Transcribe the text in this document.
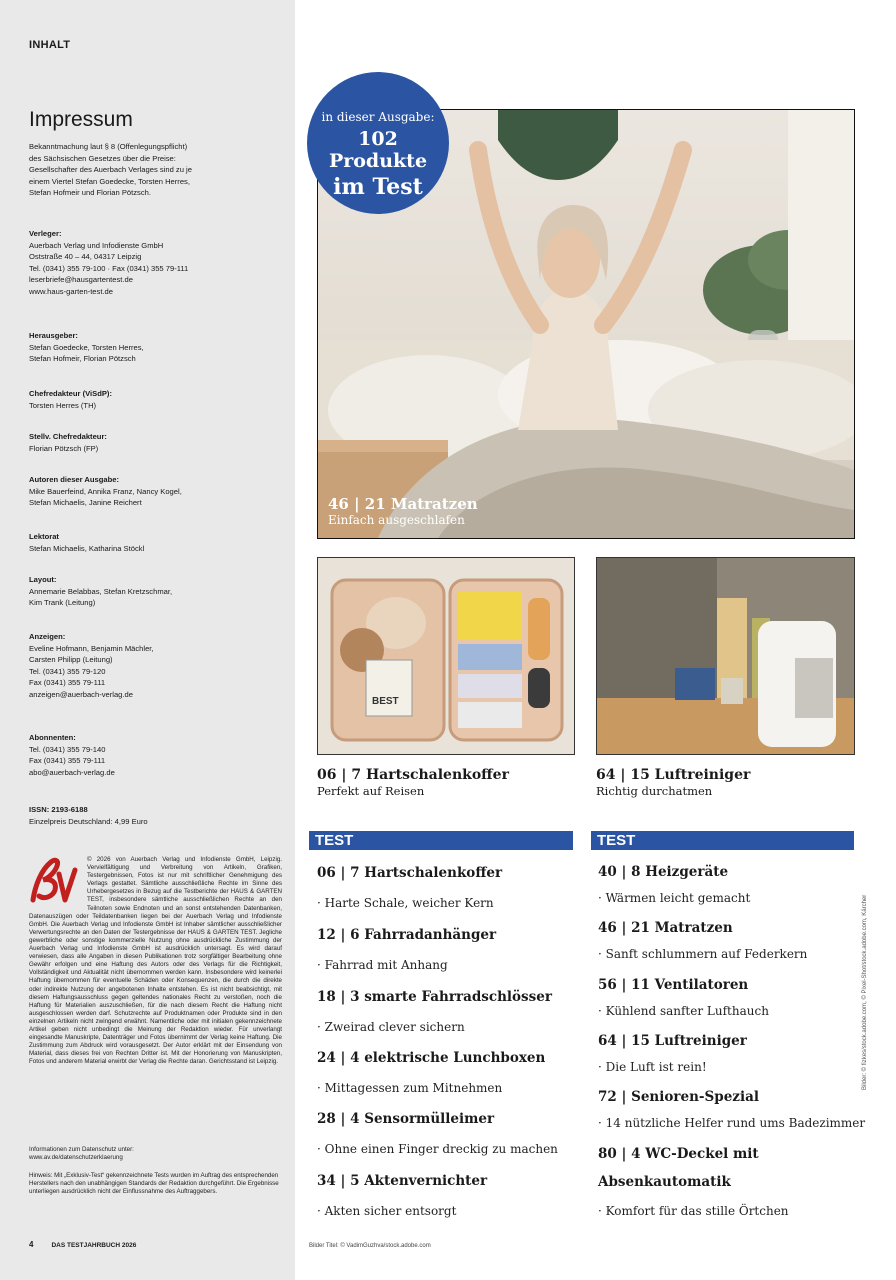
INHALT
Impressum
Bekanntmachung laut § 8 (Offenlegungspflicht)
des Sächsischen Gesetzes über die Preise:
Gesellschafter des Auerbach Verlages sind zu je
einem Viertel Stefan Goedecke, Torsten Herres,
Stefan Hofmeir und Florian Pötzsch.
Verleger:
Auerbach Verlag und Infodienste GmbH
Oststraße 40 – 44, 04317 Leipzig
Tel. (0341) 355 79-100 · Fax (0341) 355 79-111
leserbriefe@hausgartentest.de
www.haus-garten-test.de
Herausgeber:
Stefan Goedecke, Torsten Herres,
Stefan Hofmeir, Florian Pötzsch
Chefredakteur (ViSdP):
Torsten Herres (TH)
Stellv. Chefredakteur:
Florian Pötzsch (FP)
Autoren dieser Ausgabe:
Mike Bauerfeind, Annika Franz, Nancy Kogel,
Stefan Michaelis, Janine Reichert
Lektorat
Stefan Michaelis, Katharina Stöckl
Layout:
Annemarie Belabbas, Stefan Kretzschmar,
Kim Trank (Leitung)
Anzeigen:
Eveline Hofmann, Benjamin Mächler,
Carsten Philipp (Leitung)
Tel. (0341) 355 79-120
Fax (0341) 355 79-111
anzeigen@auerbach-verlag.de
Abonnenten:
Tel. (0341) 355 79-140
Fax (0341) 355 79-111
abo@auerbach-verlag.de
ISSN: 2193-6188
Einzelpreis Deutschland: 4,99 Euro
© 2026 von Auerbach Verlag und Infodienste GmbH, Leipzig. Vervielfältigung und Verbreitung von Artikeln, Grafiken, Testergebnissen, Fotos ist nur mit schriftlicher Genehmigung des Verlags gestattet. Sämtliche ausschließliche Rechte im Sinne des Urhebergesetzes in Bezug auf die Testberichte der HAUS & GARTEN TEST, insbesondere sämtliche ausschließlichen Rechte an den Teilnoten sowie Endnoten und an sonst entstehenden Datenbanken, Datenauszügen oder Teildatenbanken liegen bei der Auerbach Verlag und Infodienste GmbH. Die Auerbach Verlag und Infodienste GmbH ist Inhaber sämtlicher ausschließlicher Verwertungsrechte an den Daten der Testergebnisse der HAUS & GARTEN TEST. Jegliche gewerbliche oder sonstige kommerzielle Nutzung ohne ausdrückliche Zustimmung der Auerbach Verlag und Infodienste GmbH ist ausdrücklich untersagt. Es wird darauf verwiesen, dass alle Angaben in diesen Publikationen trotz sorgfältiger Bearbeitung ohne Gewähr erfolgen und eine Haftung des Autors oder des Verlags für die Richtigkeit, Vollständigkeit und Aktualität nicht übernommen werden kann. Insbesondere wird keinerlei Haftung übernommen für eventuelle Schäden oder Konsequenzen, die durch die direkte oder indirekte Nutzung der angebotenen Inhalte entstehen. Es ist nicht beabsichtigt, mit diesem Haftungsausschluss gegen geltendes nationales Recht zu verstoßen, noch die Haftung für Materialien auszuschließen, für die nach diesem Recht die Haftung nicht ausgeschlossen werden darf. Schutzrechte auf Produktnamen oder Produkte sind in den einzelnen Artikeln nicht zwingend erwähnt. Namentliche oder mit initialen gekennzeichnete Artikel geben nicht unbedingt die Meinung der Redaktion wieder. Für unverlangt eingesandte Manuskripte, Datenträger und Fotos übernimmt der Verlag keine Haftung. Die Zustimmung zum Abdruck wird vorausgesetzt. Der Autor erklärt mit der Einsendung von Material, dass dieses frei von Rechten Dritter ist. Mit der Honorierung von Manuskripten, Fotos und anderem Material erwirbt der Verlag die Rechte daran. Gerichtsstand ist Leipzig.
Informationen zum Datenschutz unter:
www.av.de/datenschutzerklaerung
Hinweis: Mit „Exklusiv-Test“ gekennzeichnete Tests wurden im Auftrag des entsprechenden Herstellers nach den unabhängigen Standards der Redaktion durchgeführt. Die Ergebnisse unterliegen ausdrücklich nicht der Einflussnahme des Auftraggebers.
4	DAS TESTJAHRBUCH 2026
in dieser Ausgabe:
102 Produkte
im Test
46 | 21 Matratzen
Einfach ausgeschlafen
BEST
06 | 7 Hartschalenkoffer
Perfekt auf Reisen
64 | 15 Luftreiniger
Richtig durchatmen
TEST	TEST
06 | 7 Hartschalenkoffer
· Harte Schale, weicher Kern
12 | 6 Fahrradanhänger
· Fahrrad mit Anhang
18 | 3 smarte Fahrradschlösser
· Zweirad clever sichern
24 | 4 elektrische Lunchboxen
· Mittagessen zum Mitnehmen
28 | 4 Sensormülleimer
· Ohne einen Finger dreckig zu machen
34 | 5 Aktenvernichter
· Akten sicher entsorgt
40 | 8 Heizgeräte
· Wärmen leicht gemacht
46 | 21 Matratzen
· Sanft schlummern auf Federkern
56 | 11 Ventilatoren
· Kühlend sanfter Lufthauch
64 | 15 Luftreiniger
· Die Luft ist rein!
72 | Senioren-Spezial
· 14 nützliche Helfer rund ums Badezimmer
80 | 4 WC-Deckel mit
Absenkautomatik
· Komfort für das stille Örtchen
Bilder Titel: © VadimGuzhva/stock.adobe.com
Bilder: © fizkes/stock.adobe.com, © Pixel-Shot/stock.adobe.com, Kärcher
